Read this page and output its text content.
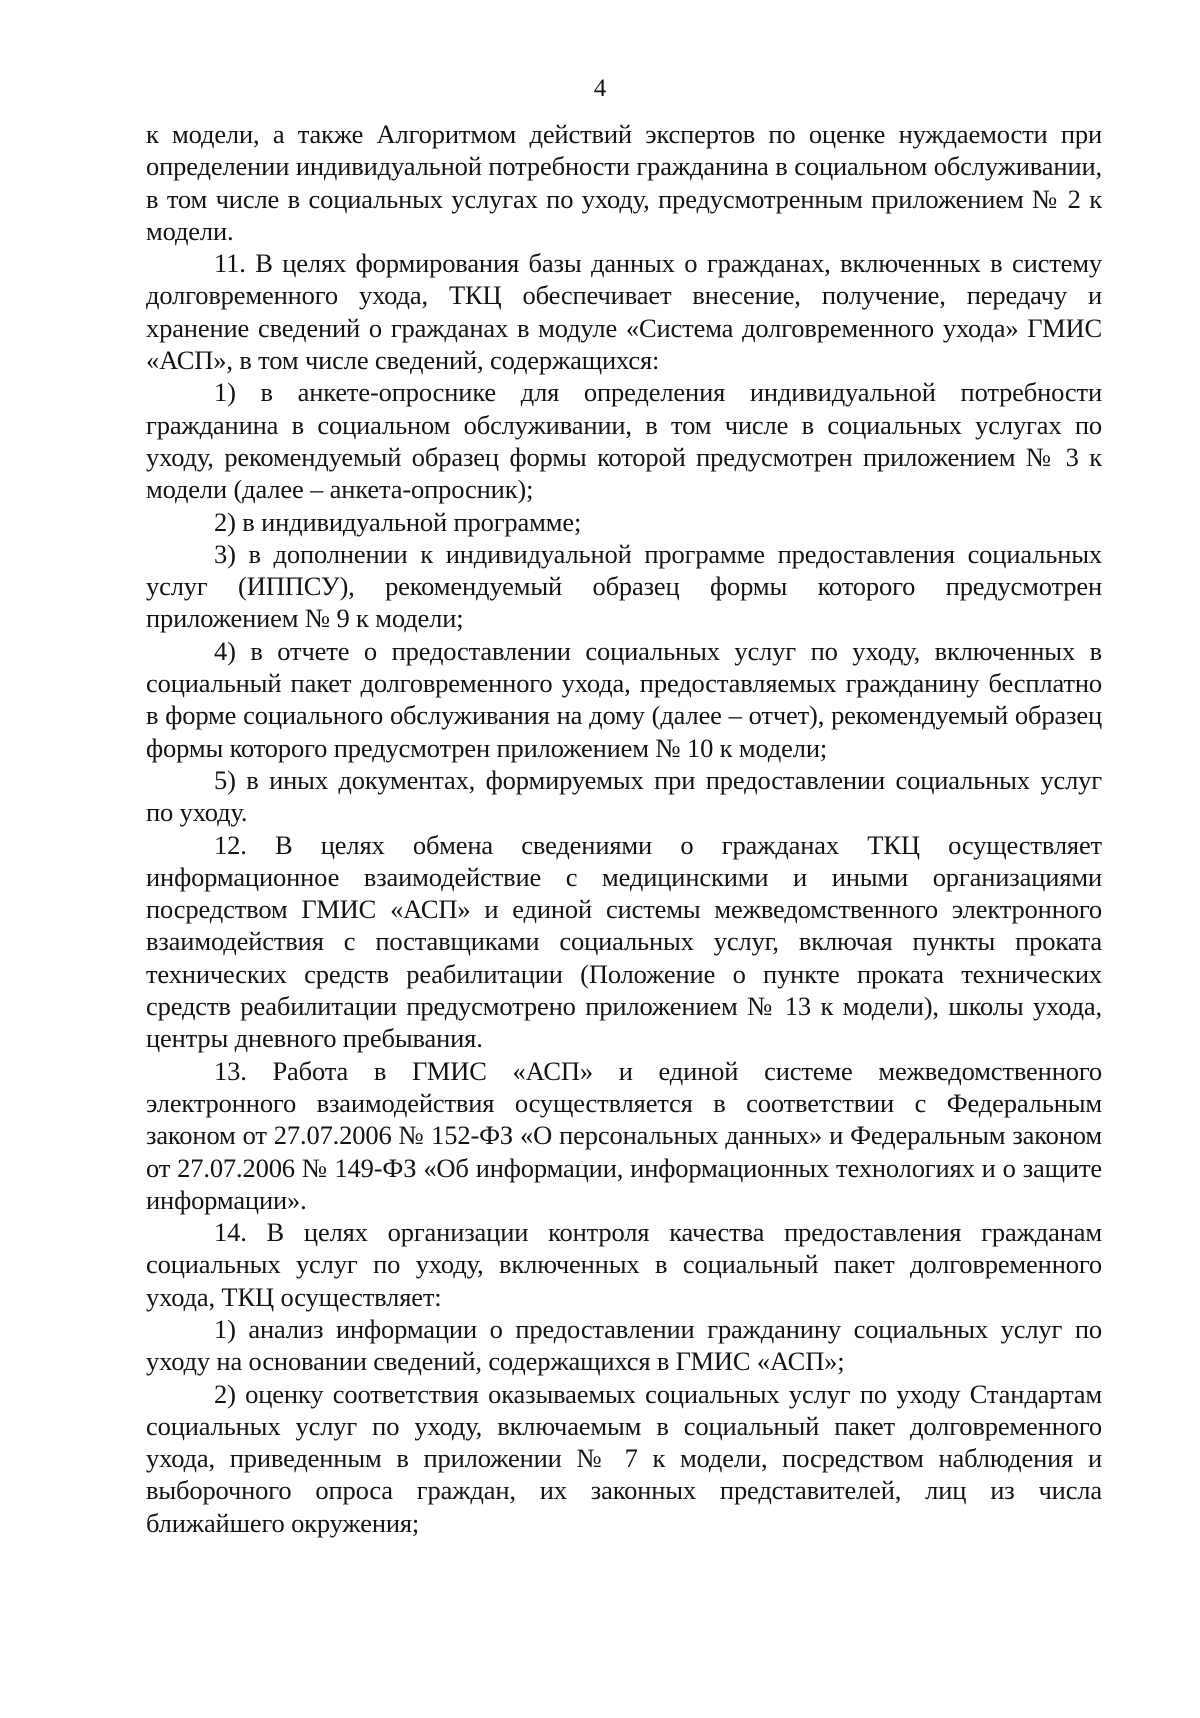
4

к модели, а также Алгоритмом действий экспертов по оценке нуждаемости при определении индивидуальной потребности гражданина в социальном обслуживании, в том числе в социальных услугах по уходу, предусмотренным приложением № 2 к модели.

11. В целях формирования базы данных о гражданах, включенных в систему долговременного ухода, ТКЦ обеспечивает внесение, получение, передачу и хранение сведений о гражданах в модуле «Система долговременного ухода» ГМИС «АСП», в том числе сведений, содержащихся:

1) в анкете-опроснике для определения индивидуальной потребности гражданина в социальном обслуживании, в том числе в социальных услугах по уходу, рекомендуемый образец формы которой предусмотрен приложением № 3 к модели (далее – анкета-опросник);

2) в индивидуальной программе;

3) в дополнении к индивидуальной программе предоставления социальных услуг (ИППСУ), рекомендуемый образец формы которого предусмотрен приложением № 9 к модели;

4) в отчете о предоставлении социальных услуг по уходу, включенных в социальный пакет долговременного ухода, предоставляемых гражданину бесплатно в форме социального обслуживания на дому (далее – отчет), рекомендуемый образец формы которого предусмотрен приложением № 10 к модели;

5) в иных документах, формируемых при предоставлении социальных услуг по уходу.

12. В целях обмена сведениями о гражданах ТКЦ осуществляет информационное взаимодействие с медицинскими и иными организациями посредством ГМИС «АСП» и единой системы межведомственного электронного взаимодействия с поставщиками социальных услуг, включая пункты проката технических средств реабилитации (Положение о пункте проката технических средств реабилитации предусмотрено приложением № 13 к модели), школы ухода, центры дневного пребывания.

13. Работа в ГМИС «АСП» и единой системе межведомственного электронного взаимодействия осуществляется в соответствии с Федеральным законом от 27.07.2006 № 152-ФЗ «О персональных данных» и Федеральным законом от 27.07.2006 № 149-ФЗ «Об информации, информационных технологиях и о защите информации».

14. В целях организации контроля качества предоставления гражданам социальных услуг по уходу, включенных в социальный пакет долговременного ухода, ТКЦ осуществляет:

1) анализ информации о предоставлении гражданину социальных услуг по уходу на основании сведений, содержащихся в ГМИС «АСП»;

2) оценку соответствия оказываемых социальных услуг по уходу Стандартам социальных услуг по уходу, включаемым в социальный пакет долговременного ухода, приведенным в приложении № 7 к модели, посредством наблюдения и выборочного опроса граждан, их законных представителей, лиц из числа ближайшего окружения;
